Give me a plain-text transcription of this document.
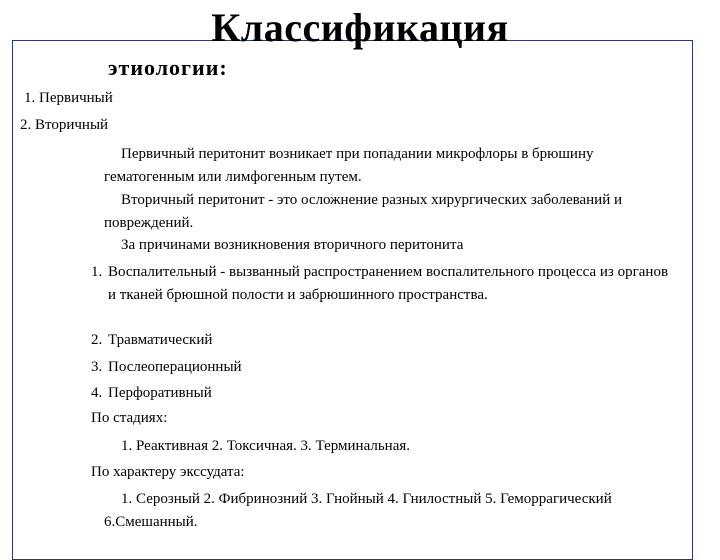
Классификация
этиологии:
1. Первичный
2. Вторичный
Первичный перитонит возникает при попадании микрофлоры в брюшину гематогенным или лимфогенным путем.
Вторичный перитонит - это осложнение разных хирургических заболеваний и повреждений.
За причинами возникновения вторичного перитонита
1. Воспалительный - вызванный распространением воспалительного процесса из органов и тканей брюшной полости и забрюшинного пространства.
2. Травматический
3. Послеоперационный
4. Перфоративный
По стадиях:
1. Реактивная 2. Токсичная. 3. Терминальная.
По характеру экссудата:
1. Серозный 2. Фибринозний 3. Гнойный 4. Гнилостный 5. Геморрагический 6.Смешанный.
